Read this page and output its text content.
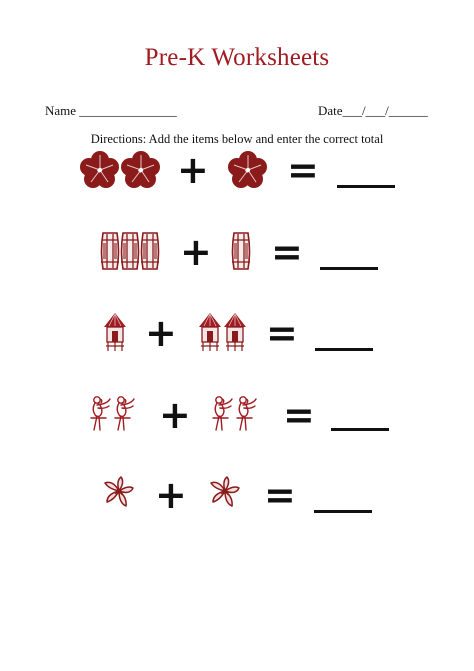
Pre-K Worksheets
Name _______________	Date___/___/______
Directions: Add the items below and enter the correct total
+ =
+ =
+ =
+ =
+ =
